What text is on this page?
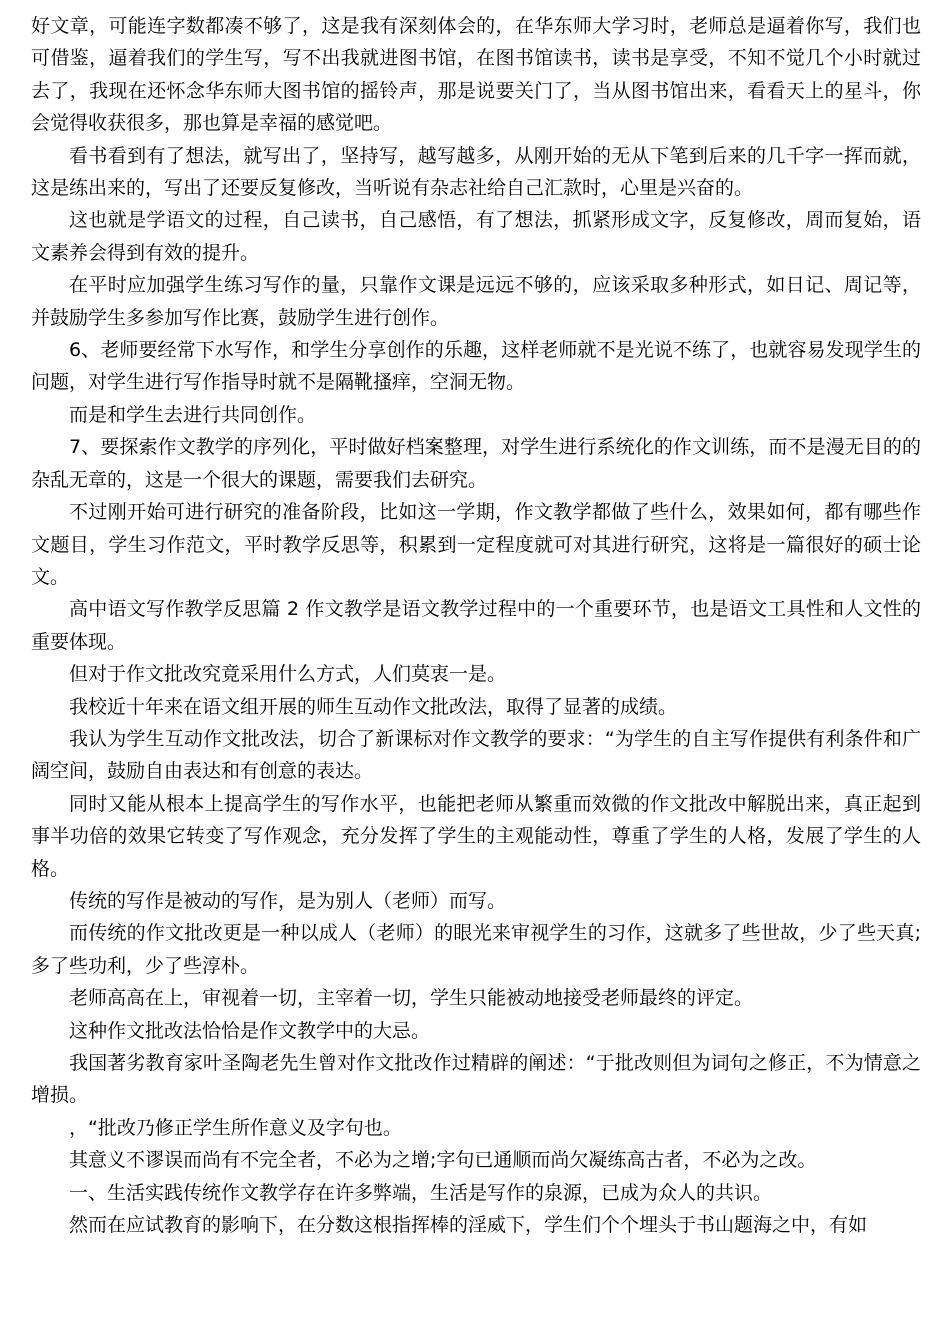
好文章，可能连字数都凑不够了，这是我有深刻体会的，在华东师大学习时，老师总是逼着你写，我们也可借鉴，逼着我们的学生写，写不出我就进图书馆，在图书馆读书，读书是享受，不知不觉几个小时就过去了，我现在还怀念华东师大图书馆的摇铃声，那是说要关门了，当从图书馆出来，看看天上的星斗，你会觉得收获很多，那也算是幸福的感觉吧。

看书看到有了想法，就写出了，坚持写，越写越多，从刚开始的无从下笔到后来的几千字一挥而就，这是练出来的，写出了还要反复修改，当听说有杂志社给自己汇款时，心里是兴奋的。

这也就是学语文的过程，自己读书，自己感悟，有了想法，抓紧形成文字，反复修改，周而复始，语文素养会得到有效的提升。

在平时应加强学生练习写作的量，只靠作文课是远远不够的，应该采取多种形式，如日记、周记等，并鼓励学生多参加写作比赛，鼓励学生进行创作。

6、老师要经常下水写作，和学生分享创作的乐趣，这样老师就不是光说不练了，也就容易发现学生的问题，对学生进行写作指导时就不是隔靴搔痒，空洞无物。

而是和学生去进行共同创作。

7、要探索作文教学的序列化，平时做好档案整理，对学生进行系统化的作文训练，而不是漫无目的的杂乱无章的，这是一个很大的课题，需要我们去研究。

不过刚开始可进行研究的准备阶段，比如这一学期，作文教学都做了些什么，效果如何，都有哪些作文题目，学生习作范文，平时教学反思等，积累到一定程度就可对其进行研究，这将是一篇很好的硕士论文。

高中语文写作教学反思篇 2 作文教学是语文教学过程中的一个重要环节，也是语文工具性和人文性的重要体现。

但对于作文批改究竟采用什么方式，人们莫衷一是。

我校近十年来在语文组开展的师生互动作文批改法，取得了显著的成绩。

我认为学生互动作文批改法，切合了新课标对作文教学的要求：“为学生的自主写作提供有利条件和广阔空间，鼓励自由表达和有创意的表达。

同时又能从根本上提高学生的写作水平，也能把老师从繁重而效微的作文批改中解脱出来，真正起到事半功倍的效果它转变了写作观念，充分发挥了学生的主观能动性，尊重了学生的人格，发展了学生的人格。

传统的写作是被动的写作，是为别人（老师）而写。

而传统的作文批改更是一种以成人（老师）的眼光来审视学生的习作，这就多了些世故，少了些天真;多了些功利，少了些淳朴。

老师高高在上，审视着一切，主宰着一切，学生只能被动地接受老师最终的评定。

这种作文批改法恰恰是作文教学中的大忌。

我国著劣教育家叶圣陶老先生曾对作文批改作过精辟的阐述：“于批改则但为词句之修正，不为情意之增损。

，“批改乃修正学生所作意义及字句也。

其意义不谬误而尚有不完全者，不必为之增;字句已通顺而尚欠凝练高古者，不必为之改。

一、生活实践传统作文教学存在许多弊端，生活是写作的泉源，已成为众人的共识。

然而在应试教育的影响下，在分数这根指挥棒的淫威下，学生们个个埋头于书山题海之中，有如
